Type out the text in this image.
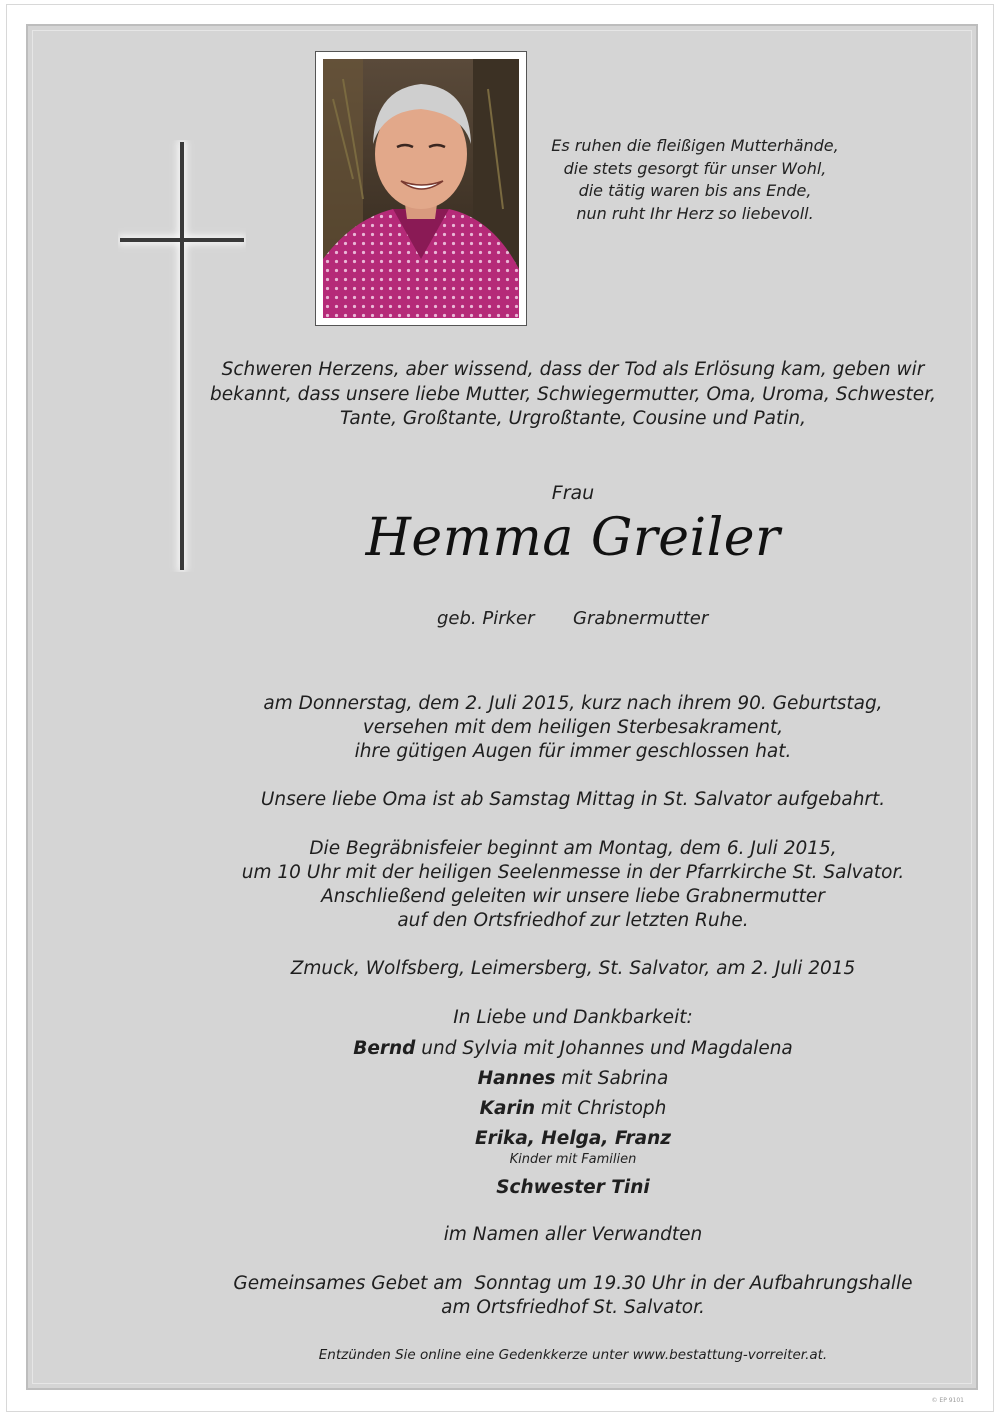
Es ruhen die fleißigen Mutterhände,
die stets gesorgt für unser Wohl,
die tätig waren bis ans Ende,
nun ruht Ihr Herz so liebevoll.
Schweren Herzens, aber wissend, dass der Tod als Erlösung kam, geben wir
bekannt, dass unsere liebe Mutter, Schwiegermutter, Oma, Uroma, Schwester,
Tante, Großtante, Urgroßtante, Cousine und Patin,
Frau
Hemma Greiler
geb. Pirker Grabnermutter
am Donnerstag, dem 2. Juli 2015, kurz nach ihrem 90. Geburtstag,
versehen mit dem heiligen Sterbesakrament,
ihre gütigen Augen für immer geschlossen hat.
Unsere liebe Oma ist ab Samstag Mittag in St. Salvator aufgebahrt.
Die Begräbnisfeier beginnt am Montag, dem 6. Juli 2015,
um 10 Uhr mit der heiligen Seelenmesse in der Pfarrkirche St. Salvator.
Anschließend geleiten wir unsere liebe Grabnermutter
auf den Ortsfriedhof zur letzten Ruhe.
Zmuck, Wolfsberg, Leimersberg, St. Salvator, am 2. Juli 2015
In Liebe und Dankbarkeit:
Bernd und Sylvia mit Johannes und Magdalena
Hannes mit Sabrina
Karin mit Christoph
Erika, Helga, Franz
Kinder mit Familien
Schwester Tini
im Namen aller Verwandten
Gemeinsames Gebet am  Sonntag um 19.30 Uhr in der Aufbahrungshalle
am Ortsfriedhof St. Salvator.
Entzünden Sie online eine Gedenkkerze unter www.bestattung-vorreiter.at.
© EP 9101
